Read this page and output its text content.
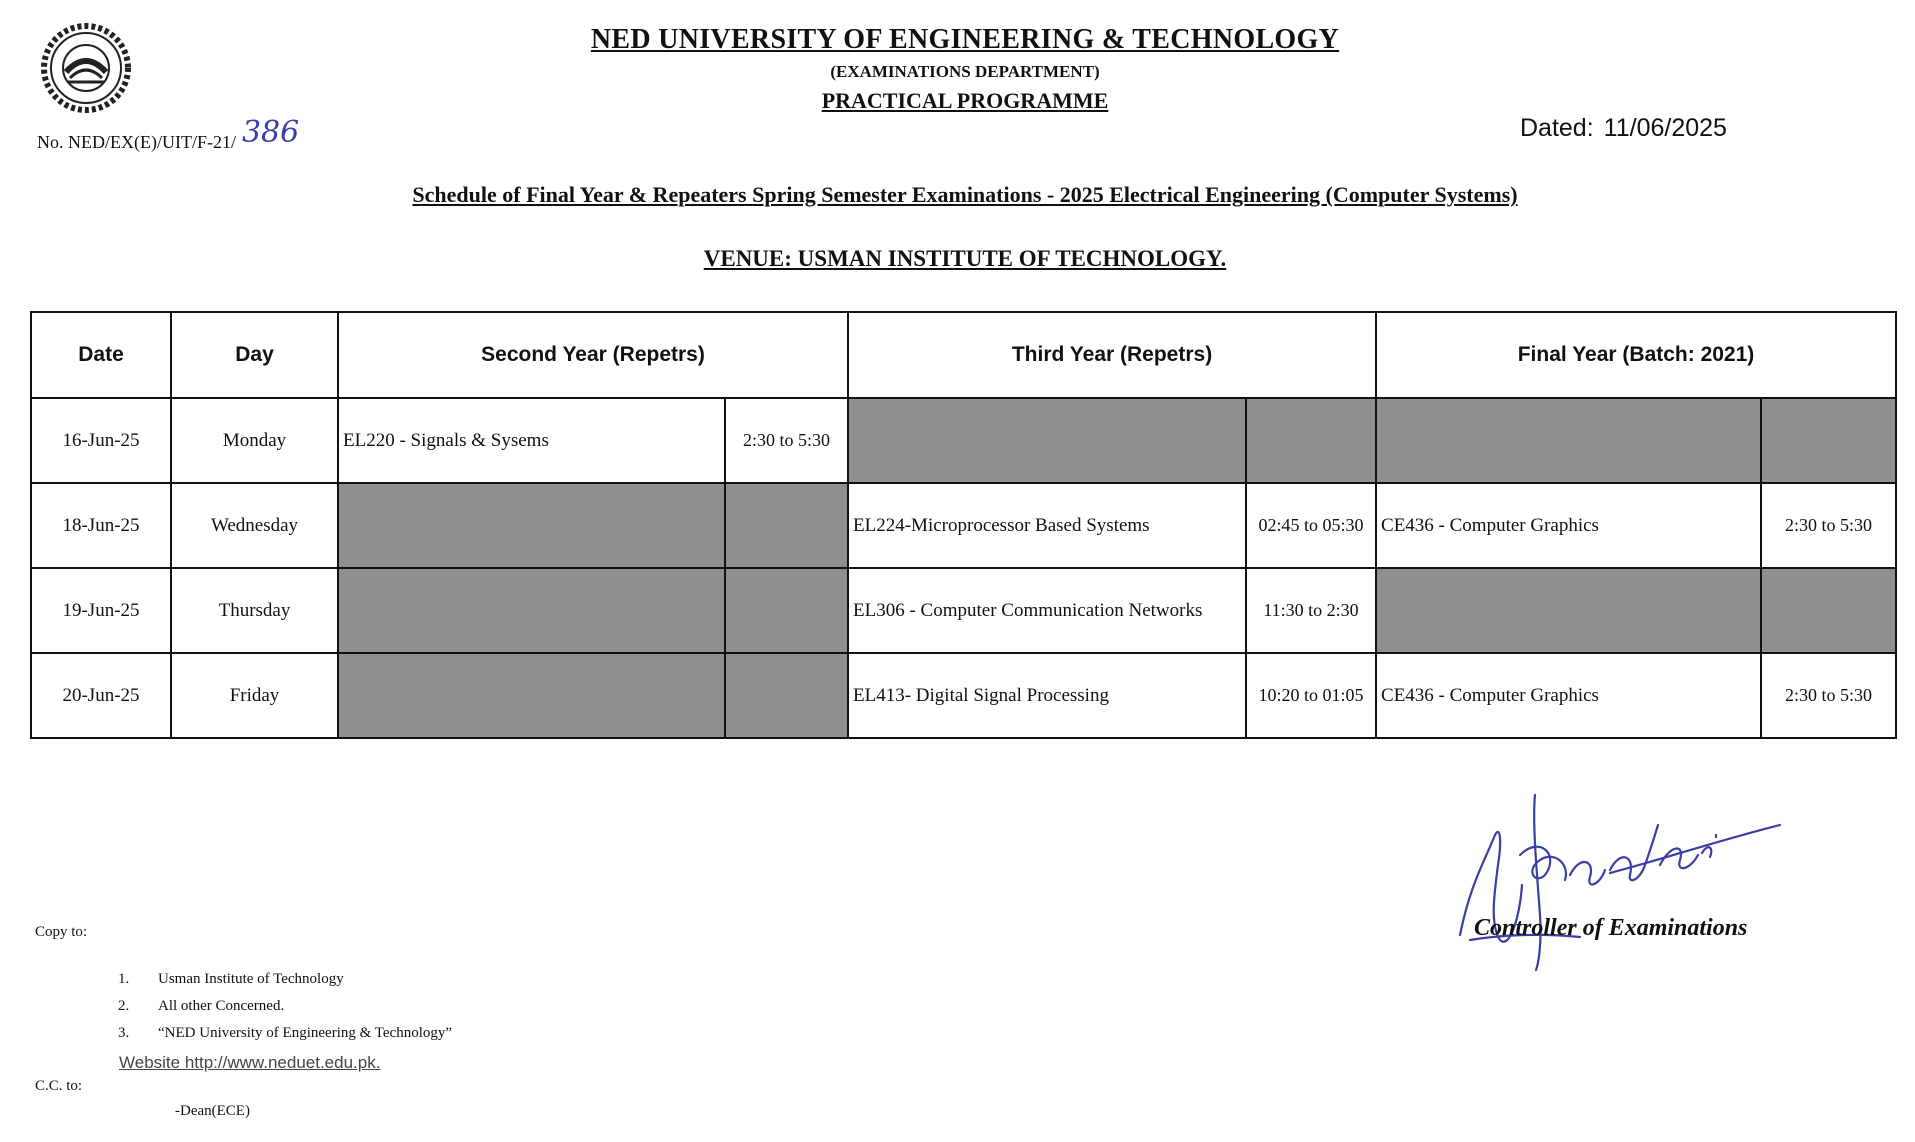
NED UNIVERSITY OF ENGINEERING & TECHNOLOGY
(EXAMINATIONS DEPARTMENT)
PRACTICAL PROGRAMME
No. NED/EX(E)/UIT/F-21/ 386	Dated: 11/06/2025
Schedule of Final Year & Repeaters Spring Semester Examinations - 2025 Electrical Engineering (Computer Systems)
VENUE: USMAN INSTITUTE OF TECHNOLOGY.
Date	Day	Second Year (Repetrs)		Third Year (Repetrs)		Final Year (Batch: 2021)	
16-Jun-25	Monday	EL220 - Signals & Sysems	2:30 to 5:30				
18-Jun-25	Wednesday			EL224-Microprocessor Based Systems	02:45 to 05:30	CE436 - Computer Graphics	2:30 to 5:30
19-Jun-25	Thursday			EL306 - Computer Communication Networks	11:30 to 2:30		
20-Jun-25	Friday			EL413- Digital Signal Processing	10:20 to 01:05	CE436 - Computer Graphics	2:30 to 5:30
Controller of Examinations
Copy to:
1. Usman Institute of Technology
2. All other Concerned.
3. “NED University of Engineering & Technology”
Website http://www.neduet.edu.pk.
C.C. to:
-Dean(ECE)
